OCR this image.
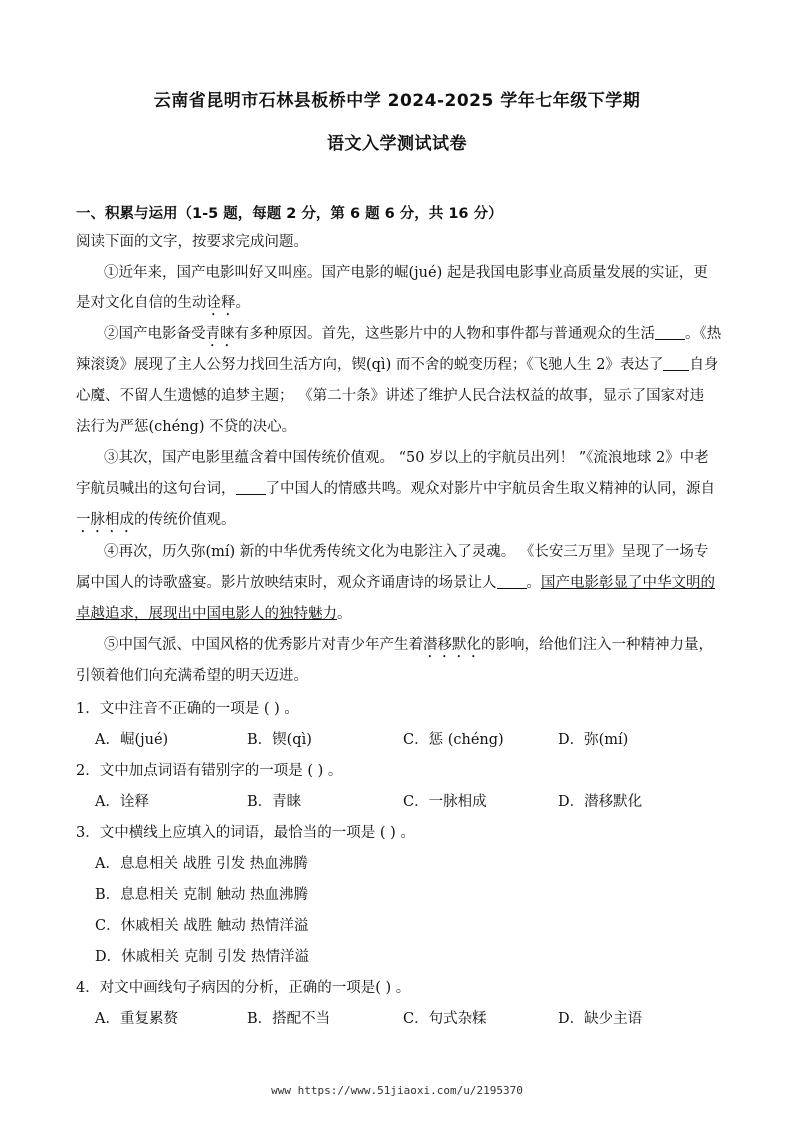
云南省昆明市石林县板桥中学 2024-2025 学年七年级下学期
语文入学测试试卷
一、积累与运用（1-5 题，每题 2 分，第 6 题 6 分，共 16 分）
阅读下面的文字，按要求完成问题。
①近年来，国产电影叫好又叫座。国产电影的崛(jué) 起是我国电影事业高质量发展的实证，更
是对文化自信的生动诠释。
②国产电影备受青睐有多种原因。首先，这些影片中的人物和事件都与普通观众的生活 。《热
辣滚烫》展现了主人公努力找回生活方向，锲(qì) 而不舍的蜕变历程；《飞驰人生 2》表达了 自身
心魔、不留人生遗憾的追梦主题； 《第二十条》讲述了维护人民合法权益的故事，显示了国家对违
法行为严惩(chéng) 不贷的决心。
③其次，国产电影里蕴含着中国传统价值观。 “50 岁以上的宇航员出列！ ”《流浪地球 2》中老
宇航员喊出的这句台词， 了中国人的情感共鸣。观众对影片中宇航员舍生取义精神的认同，源自
一脉相成的传统价值观。
④再次，历久弥(mí) 新的中华优秀传统文化为电影注入了灵魂。 《长安三万里》呈现了一场专
属中国人的诗歌盛宴。影片放映结束时，观众齐诵唐诗的场景让人 。国产电影彰显了中华文明的
卓越追求，展现出中国电影人的独特魅力。
⑤中国气派、中国风格的优秀影片对青少年产生着潜移默化的影响，给他们注入一种精神力量，
引领着他们向充满希望的明天迈进。
1．文中注音不正确的一项是 ( ) 。
A．崛(jué)	B．锲(qì)	C．惩 (chéng)	D．弥(mí)
2．文中加点词语有错别字的一项是 ( ) 。
A．诠释	B．青睐	C．一脉相成	D．潜移默化
3．文中横线上应填入的词语，最恰当的一项是 ( ) 。
A．息息相关 战胜 引发 热血沸腾
B．息息相关 克制 触动 热血沸腾
C．休戚相关 战胜 触动 热情洋溢
D．休戚相关 克制 引发 热情洋溢
4．对文中画线句子病因的分析，正确的一项是( ) 。
A．重复累赘	B．搭配不当	C．句式杂糅	D．缺少主语
www https://www.51jiaoxi.com/u/2195370
